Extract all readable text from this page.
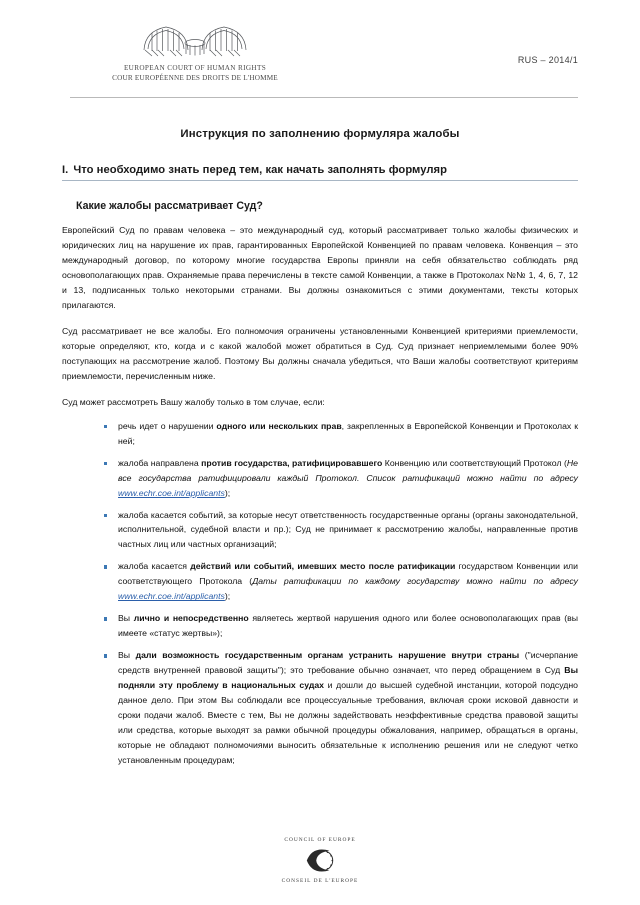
EUROPEAN COURT OF HUMAN RIGHTS
COUR EUROPÉENNE DES DROITS DE L'HOMME
RUS – 2014/1
Инструкция по заполнению формуляра жалобы
I. Что необходимо знать перед тем, как начать заполнять формуляр
Какие жалобы рассматривает Суд?

Европейский Суд по правам человека – это международный суд, который рассматривает только жалобы физических и юридических лиц на нарушение их прав, гарантированных Европейской Конвенцией по правам человека. Конвенция – это международный договор, по которому многие государства Европы приняли на себя обязательство соблюдать ряд основополагающих прав. Охраняемые права перечислены в тексте самой Конвенции, а также в Протоколах №№ 1, 4, 6, 7, 12 и 13, подписанных только некоторыми странами. Вы должны ознакомиться с этими документами, тексты которых прилагаются.

Суд рассматривает не все жалобы. Его полномочия ограничены установленными Конвенцией критериями приемлемости, которые определяют, кто, когда и с какой жалобой может обратиться в Суд. Суд признает неприемлемыми более 90% поступающих на рассмотрение жалоб. Поэтому Вы должны сначала убедиться, что Ваши жалобы соответствуют критериям приемлемости, перечисленным ниже.

Суд может рассмотреть Вашу жалобу только в том случае, если:

речь идет о нарушении одного или нескольких прав, закрепленных в Европейской Конвенции и Протоколах к ней;
жалоба направлена против государства, ратифицировавшего Конвенцию или соответствующий Протокол (Не все государства ратифицировали каждый Протокол. Список ратификаций можно найти по адресу www.echr.coe.int/applicants);
жалоба касается событий, за которые несут ответственность государственные органы (органы законодательной, исполнительной, судебной власти и пр.); Суд не принимает к рассмотрению жалобы, направленные против частных лиц или частных организаций;
жалоба касается действий или событий, имевших место после ратификации государством Конвенции или соответствующего Протокола (Даты ратификации по каждому государству можно найти по адресу www.echr.coe.int/applicants);
Вы лично и непосредственно являетесь жертвой нарушения одного или более основополагающих прав (вы имеете «статус жертвы»);
Вы дали возможность государственным органам устранить нарушение внутри страны ("исчерпание средств внутренней правовой защиты"); это требование обычно означает, что перед обращением в Суд Вы подняли эту проблему в национальных судах и дошли до высшей судебной инстанции, которой подсудно данное дело. При этом Вы соблюдали все процессуальные требования, включая сроки исковой давности и сроки подачи жалоб. Вместе с тем, Вы не должны задействовать неэффективные средства правовой защиты или средства, которые выходят за рамки обычной процедуры обжалования, например, обращаться в органы, которые не обладают полномочиями выносить обязательные к исполнению решения или не следуют четко установленным процедурам;
COUNCIL OF EUROPE
CONSEIL DE L'EUROPE
